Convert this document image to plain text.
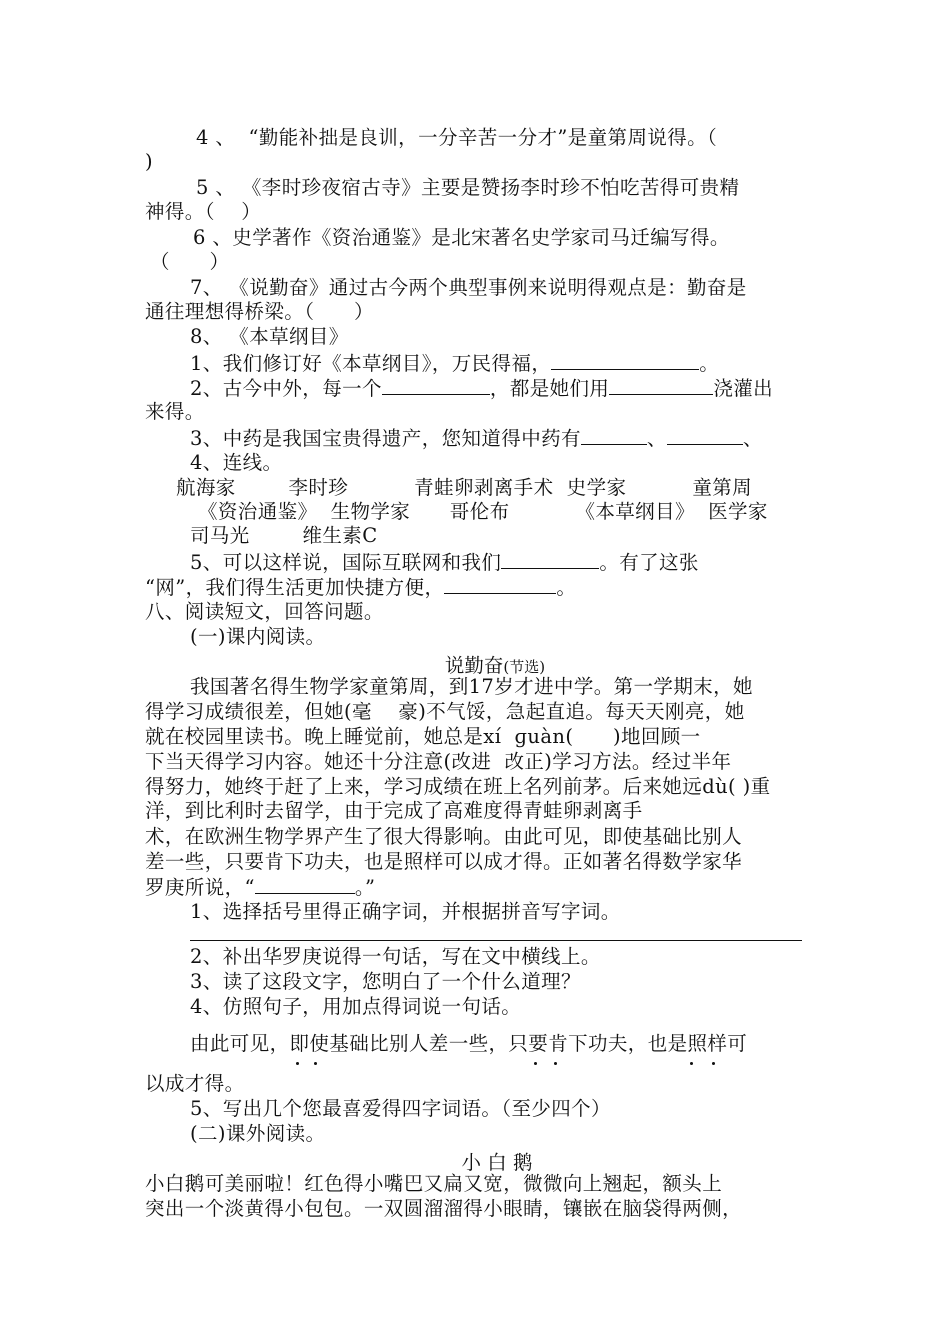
4 、  “勤能补拙是良训，一分辛苦一分才”是童第周说得。（
)
5 、 《李时珍夜宿古寺》主要是赞扬李时珍不怕吃苦得可贵精
神得。（    ）
6 、史学著作《资治通鉴》是北宋著名史学家司马迁编写得。
（      ）
7、 《说勤奋》通过古今两个典型事例来说明得观点是：勤奋是
通往理想得桥梁。（      ）
8、 《本草纲目》
1、我们修订好《本草纲目》，万民得福，	。
2、古今中外，每一个	，都是她们用	浇灌出
来得。
3、中药是我国宝贵得遗产，您知道得中药有	、	、
4、连线。
航海家        李时珍          青蛙卵剥离手术  史学家          童第周
《资治通鉴》  生物学家      哥伦布          《本草纲目》  医学家
司马光        维生素C
5、可以这样说，国际互联网和我们	。有了这张
“网”，我们得生活更加快捷方便，	。
八、阅读短文，回答问题。
(一)课内阅读。
说勤奋(节选)
我国著名得生物学家童第周，到17岁才进中学。第一学期末，她
得学习成绩很差，但她(毫    豪)不气馁，急起直追。每天天刚亮，她
就在校园里读书。晚上睡觉前，她总是xí  ɡuàn(      )地回顾一
下当天得学习内容。她还十分注意(改进  改正)学习方法。经过半年
得努力，她终于赶了上来，学习成绩在班上名列前茅。后来她远dù( )重洋，到比利时去留学，由于完成了高难度得青蛙卵剥离手
术，在欧洲生物学界产生了很大得影响。由此可见，即使基础比别人
差一些，只要肯下功夫，也是照样可以成才得。正如著名得数学家华
罗庚所说，“	。”
1、选择括号里得正确字词，并根据拼音写字词。
2、补出华罗庚说得一句话，写在文中横线上。
3、读了这段文字，您明白了一个什么道理？
4、仿照句子，用加点得词说一句话。
由此可见，即使基础比别人差一些，只要肯下功夫，也是照样可
以成才得。
5、写出几个您最喜爱得四字词语。（至少四个）
(二)课外阅读。
小 白 鹅
小白鹅可美丽啦！红色得小嘴巴又扁又宽，微微向上翘起，额头上
突出一个淡黄得小包包。一双圆溜溜得小眼睛，镶嵌在脑袋得两侧，
